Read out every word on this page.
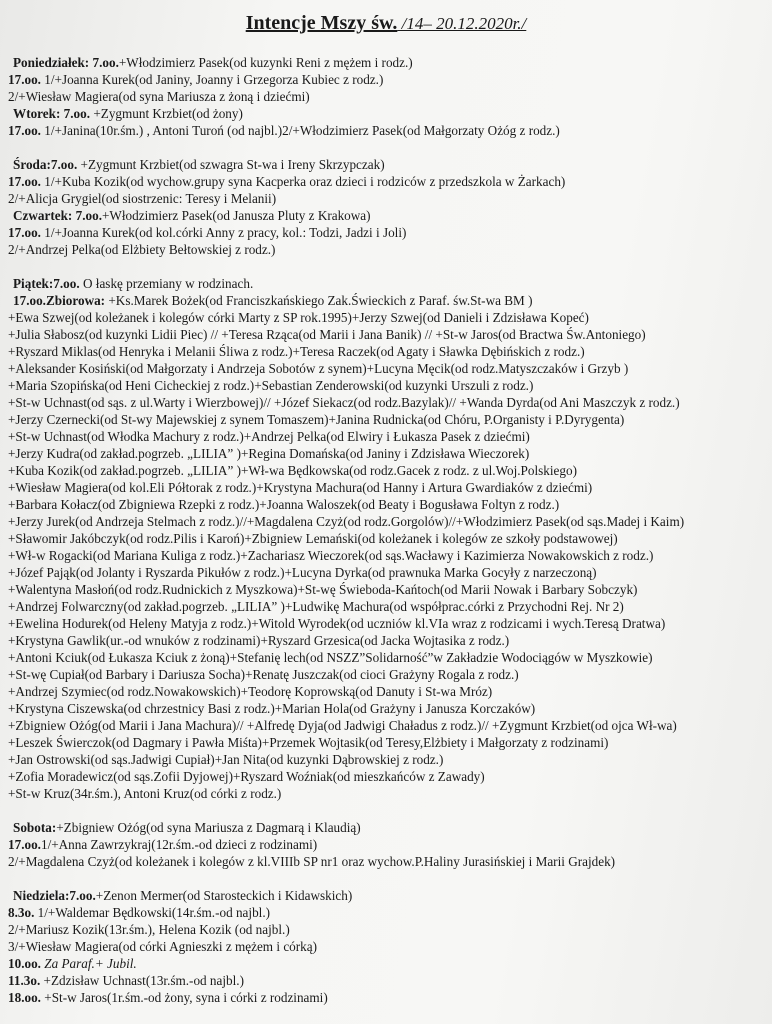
Intencje Mszy św. /14– 20.12.2020r./
Poniedziałek: 7.oo.+Włodzimierz Pasek(od kuzynki Reni z mężem i rodz.)
17.oo. 1/+Joanna Kurek(od Janiny, Joanny i Grzegorza Kubiec z rodz.)
2/+Wiesław Magiera(od syna Mariusza z żoną i dziećmi)
Wtorek: 7.oo. +Zygmunt Krzbiet(od żony)
17.oo. 1/+Janina(10r.śm.) , Antoni Turoń (od najbl.)2/+Włodzimierz Pasek(od Małgorzaty Ożóg z rodz.)
Środa:7.oo. +Zygmunt Krzbiet(od szwagra St-wa i Ireny Skrzypczak)
17.oo. 1/+Kuba Kozik(od wychow.grupy syna Kacperka oraz dzieci i rodziców z przedszkola w Żarkach)
2/+Alicja Grygiel(od siostrzenic: Teresy i Melanii)
Czwartek: 7.oo.+Włodzimierz Pasek(od Janusza Pluty z Krakowa)
17.oo. 1/+Joanna Kurek(od kol.córki Anny z pracy, kol.: Todzi, Jadzi i Joli)
2/+Andrzej Pelka(od Elżbiety Bełtowskiej z rodz.)
Piątek:7.oo. O łaskę przemiany w rodzinach.
17.oo.Zbiorowa: +Ks.Marek Bożek(od Franciszkańskiego Zak.Świeckich z Paraf. św.St-wa BM )
+Ewa Szwej(od koleżanek i kolegów córki Marty z SP rok.1995)+Jerzy Szwej(od Danieli i Zdzisława Kopeć)
+Julia Słabosz(od kuzynki Lidii Piec) // +Teresa Rząca(od Marii i Jana Banik) // +St-w Jaros(od Bractwa Św.Antoniego)
+Ryszard Miklas(od Henryka i Melanii Śliwa z rodz.)+Teresa Raczek(od Agaty i Sławka Dębińskich z rodz.)
+Aleksander Kosiński(od Małgorzaty i Andrzeja Sobotów z synem)+Lucyna Męcik(od rodz.Matyszczaków i Grzyb )
+Maria Szopińska(od Heni Cicheckiej z rodz.)+Sebastian Zenderowski(od kuzynki Urszuli z rodz.)
+St-w Uchnast(od sąs. z ul.Warty i Wierzbowej)// +Józef Siekacz(od rodz.Bazylak)// +Wanda Dyrda(od Ani Maszczyk z rodz.)
+Jerzy Czernecki(od St-wy Majewskiej z synem Tomaszem)+Janina Rudnicka(od Chóru, P.Organisty i P.Dyrygenta)
+St-w Uchnast(od Włodka Machury z rodz.)+Andrzej Pelka(od Elwiry i Łukasza Pasek z dziećmi)
+Jerzy Kudra(od zakład.pogrzeb. „LILIA” )+Regina Domańska(od Janiny i Zdzisława Wieczorek)
+Kuba Kozik(od zakład.pogrzeb. „LILIA” )+Wł-wa Będkowska(od rodz.Gacek z rodz. z ul.Woj.Polskiego)
+Wiesław Magiera(od kol.Eli Półtorak z rodz.)+Krystyna Machura(od Hanny i Artura Gwardiaków z dziećmi)
+Barbara Kołacz(od Zbigniewa Rzepki z rodz.)+Joanna Waloszek(od Beaty i Bogusława Foltyn z rodz.)
+Jerzy Jurek(od Andrzeja Stelmach z rodz.)//+Magdalena Czyż(od rodz.Gorgolów)//+Włodzimierz Pasek(od sąs.Madej i Kaim)
+Sławomir Jakóbczyk(od rodz.Pilis i Karoń)+Zbigniew Lemański(od koleżanek i kolegów ze szkoły podstawowej)
+Wł-w Rogacki(od Mariana Kuliga z rodz.)+Zachariasz Wieczorek(od sąs.Wacławy i Kazimierza Nowakowskich z rodz.)
+Józef Pająk(od Jolanty i Ryszarda Pikułów z rodz.)+Lucyna Dyrka(od prawnuka Marka Gocyły z narzeczoną)
+Walentyna Masłoń(od rodz.Rudnickich z Myszkowa)+St-wę Świeboda-Kańtoch(od Marii Nowak i Barbary Sobczyk)
+Andrzej Folwarczny(od zakład.pogrzeb. „LILIA” )+Ludwikę Machura(od współprac.córki z Przychodni Rej. Nr 2)
+Ewelina Hodurek(od Heleny Matyja z rodz.)+Witold Wyrodek(od uczniów kl.VIa wraz z rodzicami i wych.Teresą Dratwa)
+Krystyna Gawlik(ur.-od wnuków z rodzinami)+Ryszard Grzesica(od Jacka Wojtasika z rodz.)
+Antoni Kciuk(od Łukasza Kciuk z żoną)+Stefanię lech(od NSZZ”Solidarność”w Zakładzie Wodociągów w Myszkowie)
+St-wę Cupiał(od Barbary i Dariusza Socha)+Renatę Juszczak(od cioci Grażyny Rogala z rodz.)
+Andrzej Szymiec(od rodz.Nowakowskich)+Teodorę Koprowską(od Danuty i St-wa Mróz)
+Krystyna Ciszewska(od chrzestnicy Basi z rodz.)+Marian Hola(od Grażyny i Janusza Korczaków)
+Zbigniew Ożóg(od Marii i Jana Machura)// +Alfredę Dyja(od Jadwigi Chaładus z rodz.)// +Zygmunt Krzbiet(od ojca Wł-wa)
+Leszek Świerczok(od Dagmary i Pawła Miśta)+Przemek Wojtasik(od Teresy,Elżbiety i Małgorzaty z rodzinami)
+Jan Ostrowski(od sąs.Jadwigi Cupiał)+Jan Nita(od kuzynki Dąbrowskiej z rodz.)
+Zofia Moradewicz(od sąs.Zofii Dyjowej)+Ryszard Woźniak(od mieszkańców z Zawady)
+St-w Kruz(34r.śm.), Antoni Kruz(od córki z rodz.)
Sobota:+Zbigniew Ożóg(od syna Mariusza z Dagmarą i Klaudią)
17.oo.1/+Anna Zawrzykraj(12r.śm.-od dzieci z rodzinami)
2/+Magdalena Czyż(od koleżanek i kolegów z kl.VIIIb SP nr1 oraz wychow.P.Haliny Jurasińskiej i Marii Grajdek)
Niedziela:7.oo.+Zenon Mermer(od Starosteckich i Kidawskich)
8.3o. 1/+Waldemar Będkowski(14r.śm.-od najbl.)
2/+Mariusz Kozik(13r.śm.), Helena Kozik (od najbl.)
3/+Wiesław Magiera(od córki Agnieszki z mężem i córką)
10.oo. Za Paraf.+ Jubil.
11.3o. +Zdzisław Uchnast(13r.śm.-od najbl.)
18.oo. +St-w Jaros(1r.śm.-od żony, syna i córki z rodzinami)
